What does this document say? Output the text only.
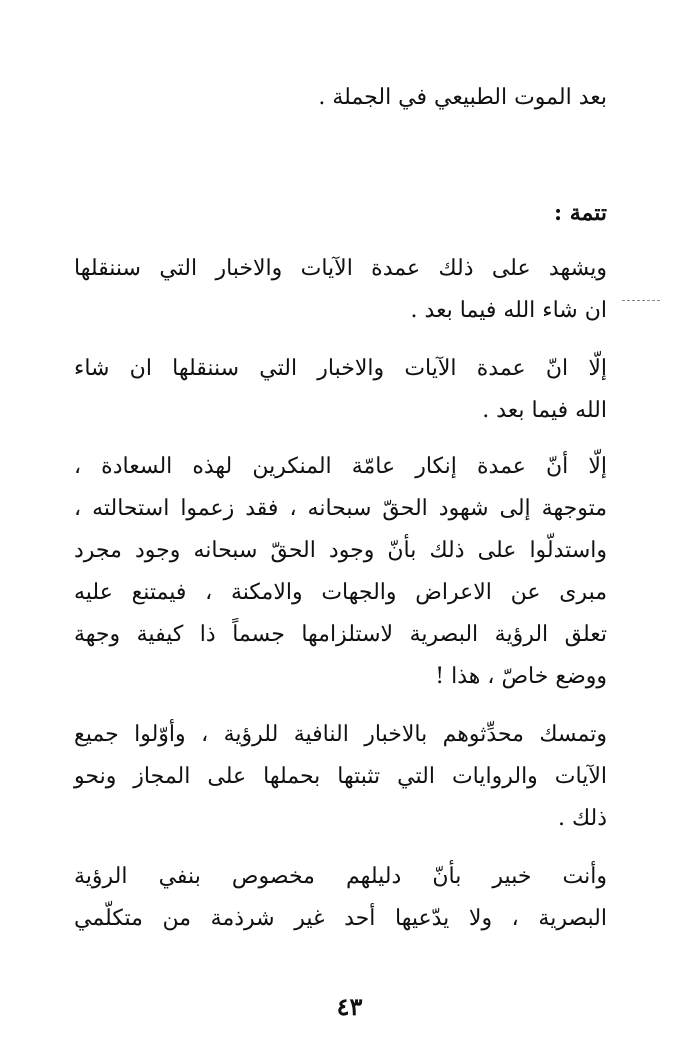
بعد الموت الطبيعي في الجملة .
تتمة :
ويشهد على ذلك عمدة الآيات والاخبار التي سننقلها
ان شاء الله فيما بعد .
إلّا انّ عمدة الآيات والاخبار التي سننقلها ان شاء
الله فيما بعد .
إلّا أنّ عمدة إنكار عامّة المنكرين لهذه السعادة ،
متوجهة إلى شهود الحقّ سبحانه ، فقد زعموا استحالته ،
واستدلّوا على ذلك بأنّ وجود الحقّ سبحانه وجود مجرد
مبرى عن الاعراض والجهات والامكنة ، فيمتنع عليه
تعلق الرؤية البصرية لاستلزامها جسماً ذا كيفية وجهة
ووضع خاصّ ، هذا !
وتمسك محدِّثوهم بالاخبار النافية للرؤية ، وأوّلوا جميع
الآيات والروايات التي تثبتها بحملها على المجاز ونحو
ذلك .
وأنت خبير بأنّ دليلهم مخصوص بنفي الرؤية
البصرية ، ولا يدّعيها أحد غير شرذمة من متكلّمي
٤٣
